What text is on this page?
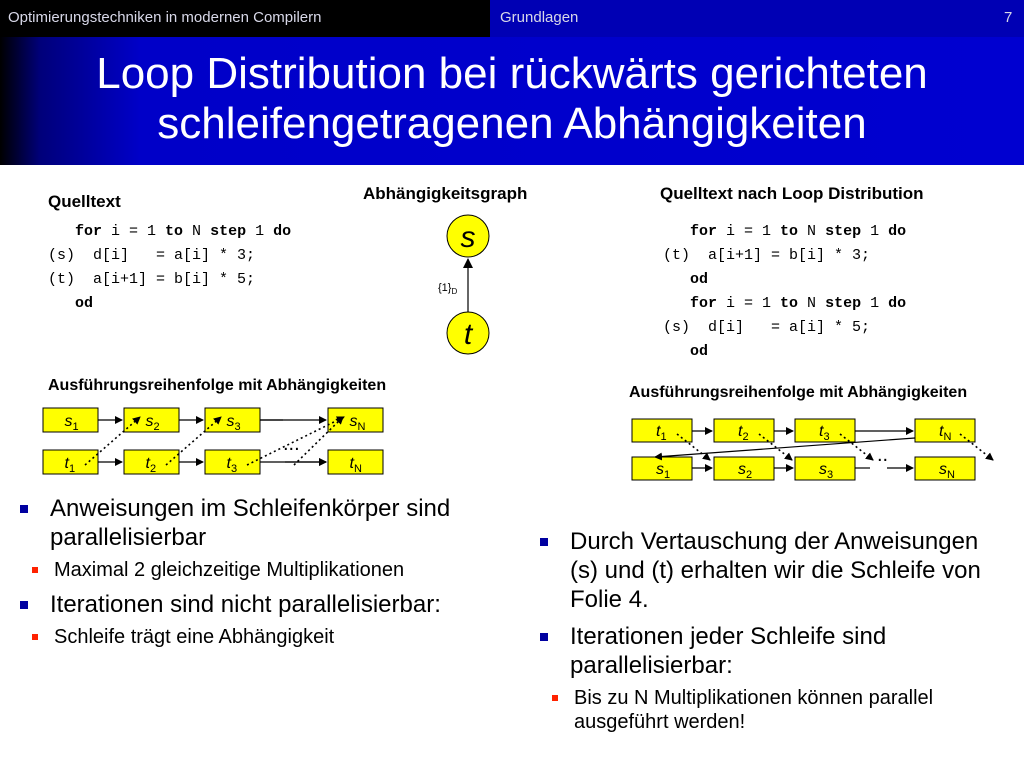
Optimierungstechniken in modernen Compilern	Grundlagen	7
Loop Distribution bei rückwärts gerichteten
schleifengetragenen Abhängigkeiten
Quelltext	Abhängigkeitsgraph	Quelltext nach Loop Distribution
for i = 1 to N step 1 do
(s)  d[i]   = a[i] * 3;
(t)  a[i+1] = b[i] * 5;
od
for i = 1 to N step 1 do
(t)  a[i+1] = b[i] * 3;
od
for i = 1 to N step 1 do
(s)  d[i]   = a[i] * 5;
od
s
t
$\{1\}_D$
Ausführungsreihenfolge mit Abhängigkeiten	Ausführungsreihenfolge mit Abhängigkeiten
$s_1$	$s_2$	$s_3$	$s_N$
$t_1$	$t_2$	$t_3$	$t_N$
...
$t_1$	$t_2$	$t_3$	$t_N$
$s_1$	$s_2$	$s_3$	$s_N$
..
Anweisungen im Schleifenkörper sind parallelisierbar
Maximal 2 gleichzeitige Multiplikationen
Iterationen sind nicht parallelisierbar:
Schleife trägt eine Abhängigkeit
Durch Vertauschung der Anweisungen (s) und (t) erhalten wir die Schleife von Folie 4.
Iterationen jeder Schleife sind parallelisierbar:
Bis zu N Multiplikationen können parallel ausgeführt werden!
